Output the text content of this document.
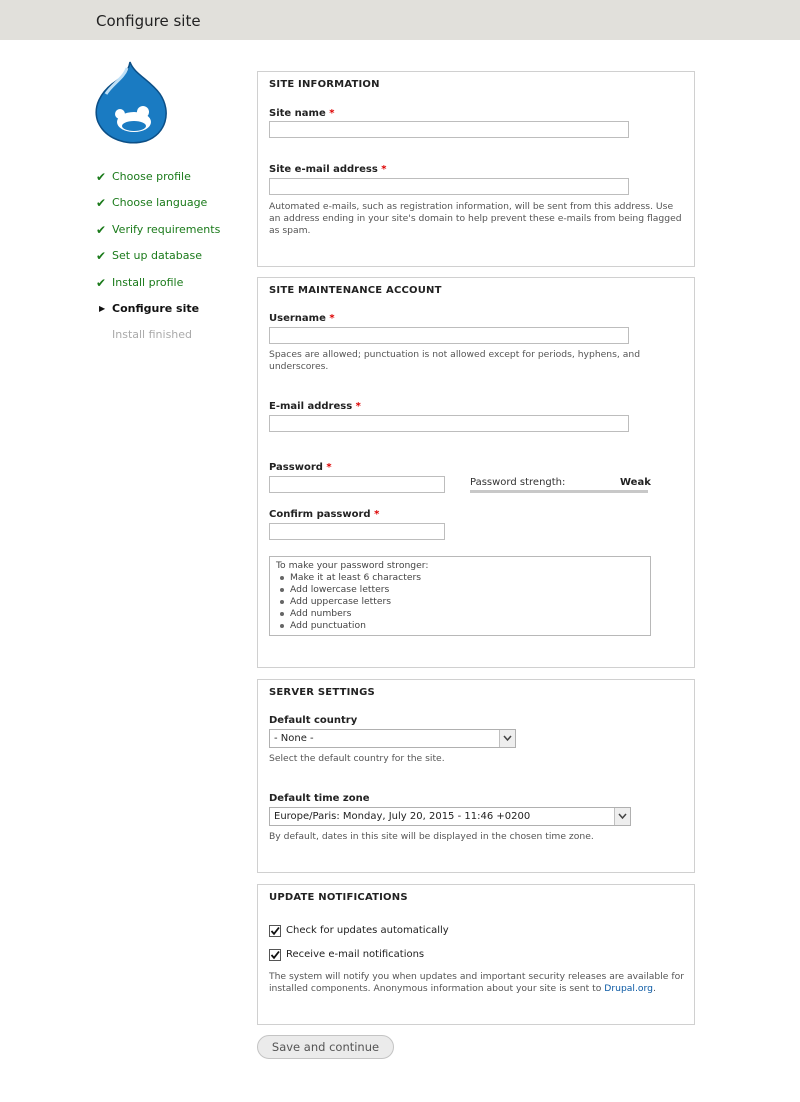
Configure site
✔ Choose profile
✔ Choose language
✔ Verify requirements
✔ Set up database
✔ Install profile
▶ Configure site
Install finished
SITE INFORMATION
Site name *
Site e-mail address *
Automated e-mails, such as registration information, will be sent from this address. Use an address ending in your site's domain to help prevent these e-mails from being flagged as spam.
SITE MAINTENANCE ACCOUNT
Username *
Spaces are allowed; punctuation is not allowed except for periods, hyphens, and underscores.
E-mail address *
Password *
Password strength:	Weak
Confirm password *
To make your password stronger:
Make it at least 6 characters
Add lowercase letters
Add uppercase letters
Add numbers
Add punctuation
SERVER SETTINGS
Default country
- None -
Select the default country for the site.
Default time zone
Europe/Paris: Monday, July 20, 2015 - 11:46 +0200
By default, dates in this site will be displayed in the chosen time zone.
UPDATE NOTIFICATIONS
Check for updates automatically
Receive e-mail notifications
The system will notify you when updates and important security releases are available for installed components. Anonymous information about your site is sent to Drupal.org.
Save and continue
